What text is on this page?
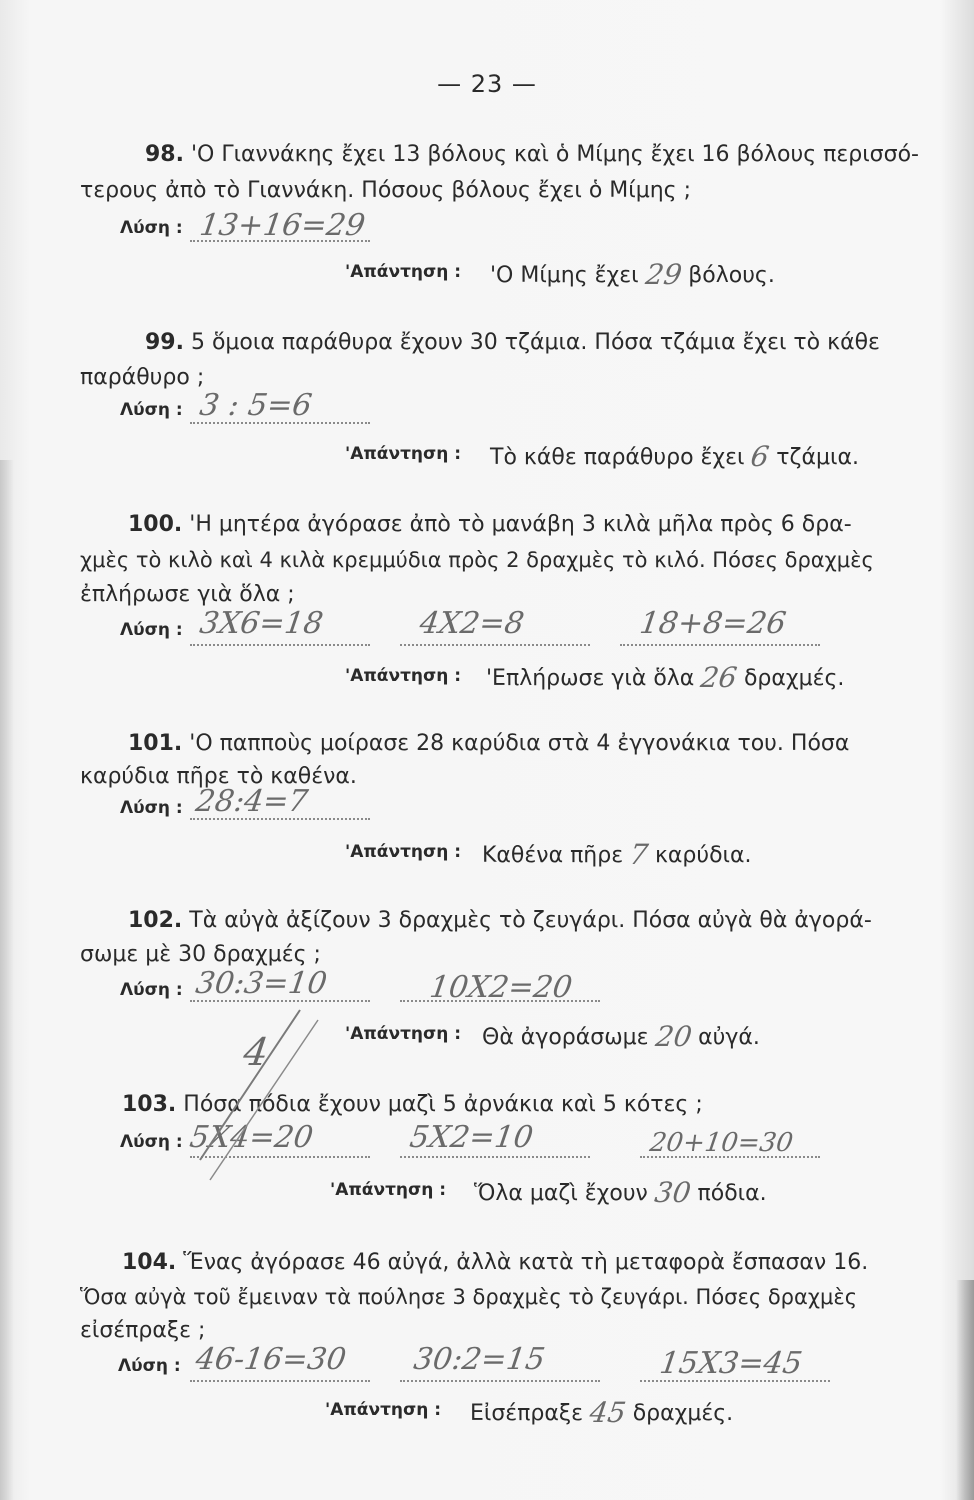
— 23 —
98. 'Ο Γιαννάκης ἔχει 13 βόλους καὶ ὁ Μίμης ἔχει 16 βόλους περισσό-
τερους ἀπὸ τὸ Γιαννάκη. Πόσους βόλους ἔχει ὁ Μίμης ;
Λύση : 13+16=29
'Απάντηση : 'Ο Μίμης ἔχει 29 βόλους.
99. 5 ὅμοια παράθυρα ἔχουν 30 τζάμια. Πόσα τζάμια ἔχει τὸ κάθε
παράθυρο ;
Λύση : 3 : 5=6
'Απάντηση : Τὸ κάθε παράθυρο ἔχει 6 τζάμια.
100. 'Η μητέρα ἀγόρασε ἀπὸ τὸ μανάβη 3 κιλὰ μῆλα πρὸς 6 δρα-
χμὲς τὸ κιλὸ καὶ 4 κιλὰ κρεμμύδια πρὸς 2 δραχμὲς τὸ κιλό. Πόσες δραχμὲς
ἐπλήρωσε γιὰ ὅλα ;
Λύση : 3X6=18	4X2=8	18+8=26
'Απάντηση : 'Επλήρωσε γιὰ ὅλα 26 δραχμές.
101. 'Ο παπποὺς μοίρασε 28 καρύδια στὰ 4 ἐγγονάκια του. Πόσα
καρύδια πῆρε τὸ καθένα.
Λύση : 28:4=7
'Απάντηση : Καθένα πῆρε 7 καρύδια.
102. Τὰ αὐγὰ ἀξίζουν 3 δραχμὲς τὸ ζευγάρι. Πόσα αὐγὰ θὰ ἀγορά-
σωμε μὲ 30 δραχμές ;
Λύση : 30:3=10	10X2=20
4	'Απάντηση : Θὰ ἀγοράσωμε 20 αὐγά.
103. Πόσα πόδια ἔχουν μαζὶ 5 ἀρνάκια καὶ 5 κότες ;
Λύση : 5X4=20	5X2=10	20+10=30
'Απάντηση : Ὅλα μαζὶ ἔχουν 30 πόδια.
104. Ἕνας ἀγόρασε 46 αὐγά, ἀλλὰ κατὰ τὴ μεταφορὰ ἔσπασαν 16.
Ὅσα αὐγὰ τοῦ ἔμειναν τὰ πούλησε 3 δραχμὲς τὸ ζευγάρι. Πόσες δραχμὲς
εἰσέπραξε ;
Λύση : 46-16=30 30:2=15	15X3=45
'Απάντηση : Εἰσέπραξε 45 δραχμές.
